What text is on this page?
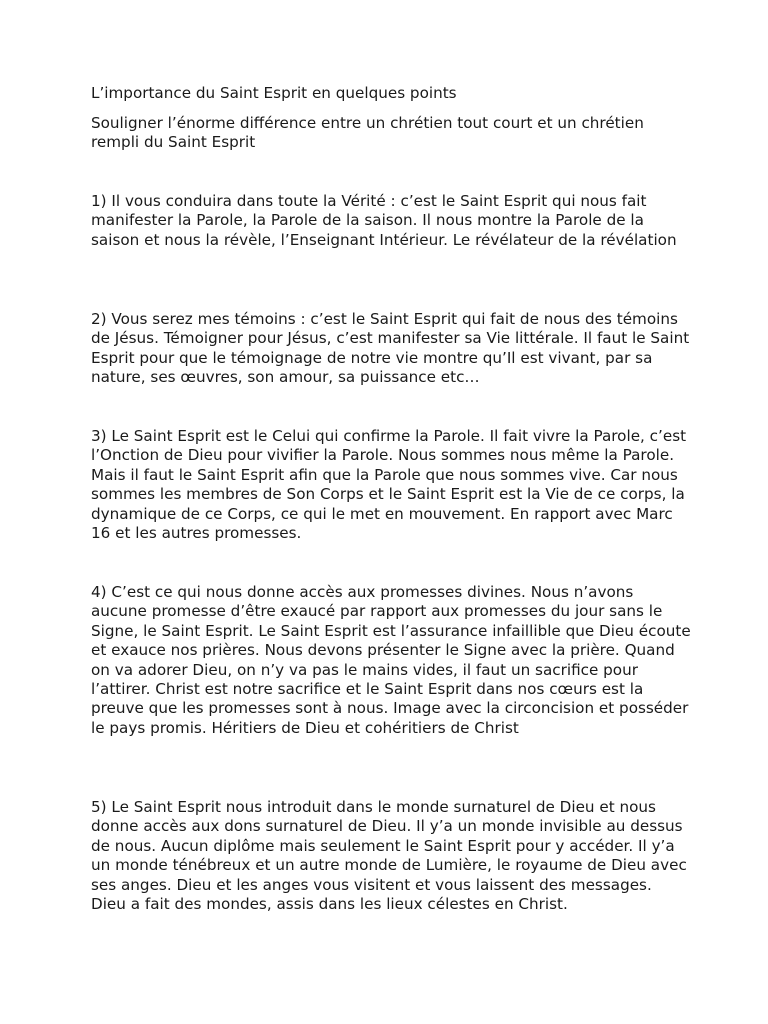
L’importance du Saint Esprit en quelques points

Souligner l’énorme différence entre un chrétien tout court et un chrétien rempli du Saint Esprit

1) Il vous conduira dans toute la Vérité : c’est le Saint Esprit qui nous fait manifester la Parole, la Parole de la saison. Il nous montre la Parole de la saison et nous la révèle, l’Enseignant Intérieur. Le révélateur de la révélation

2) Vous serez mes témoins : c’est le Saint Esprit qui fait de nous des témoins de Jésus. Témoigner pour Jésus, c’est manifester sa Vie littérale. Il faut le Saint Esprit pour que le témoignage de notre vie montre qu’Il est vivant, par sa nature, ses œuvres, son amour, sa puissance etc…

3) Le Saint Esprit est le Celui qui confirme la Parole. Il fait vivre la Parole, c’est l’Onction de Dieu pour vivifier la Parole. Nous sommes nous même la Parole. Mais il faut le Saint Esprit afin que la Parole que nous sommes vive. Car nous sommes les membres de Son Corps et le Saint Esprit est la Vie de ce corps, la dynamique de ce Corps, ce qui le met en mouvement. En rapport avec Marc 16 et les autres promesses.

4) C’est ce qui nous donne accès aux promesses divines. Nous n’avons aucune promesse d’être exaucé par rapport aux promesses du jour sans le Signe, le Saint Esprit. Le Saint Esprit est l’assurance infaillible que Dieu écoute et exauce nos prières. Nous devons présenter le Signe avec la prière. Quand on va adorer Dieu, on n’y va pas le mains vides, il faut un sacrifice pour l’attirer. Christ est notre sacrifice et le Saint Esprit dans nos cœurs est la preuve que les promesses sont à nous. Image avec la circoncision et posséder le pays promis. Héritiers de Dieu et cohéritiers de Christ

5) Le Saint Esprit nous introduit dans le monde surnaturel de Dieu et nous donne accès aux dons surnaturel de Dieu. Il y’a un monde invisible au dessus de nous. Aucun diplôme mais seulement le Saint Esprit pour y accéder. Il y’a un monde ténébreux et un autre monde de Lumière, le royaume de Dieu avec ses anges. Dieu et les anges vous visitent et vous laissent des messages. Dieu a fait des mondes, assis dans les lieux célestes en Christ.
